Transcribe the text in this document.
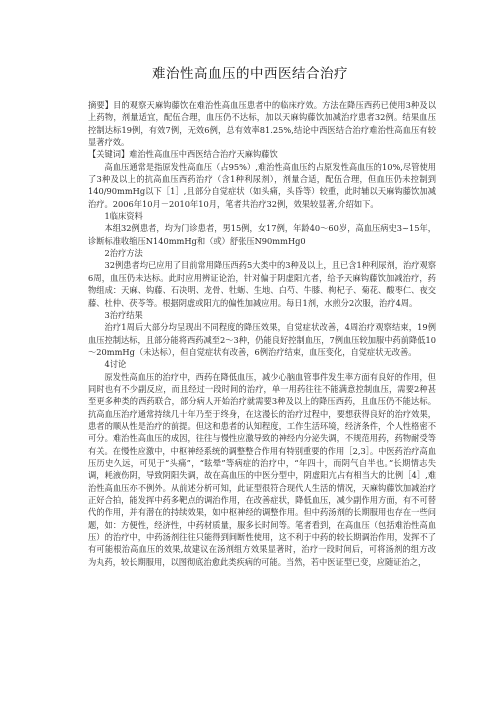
难治性高血压的中西医结合治疗

摘要】目的观察天麻钩藤饮在难治性高血压患者中的临床疗效。方法在降压西药已使用3种及以上药物，剂量适宜，配伍合理，血压仍不达标，加以天麻钩藤饮加减治疗患者32例。结果血压控制达标19例，有效7例，无效6例，总有效率81.25%,结论中西医结合治疗难治性高血压有较显著疗效。

【关键词】难治性高血压中西医结合治疗天麻钩藤饮

高血压通常是指原发性高血压（占95%）,难治性高血压约占原发性高血压的10%,尽管使用了3种及以上的抗高血压西药治疗（含1种利尿剂），剂量合适，配伍合理，但血压仍未控制到140/90mmHg以下［1］,且部分自觉症状（如头痛，头昏等）较重，此时辅以天麻钩藤饮加减治疗。2006年10月－2010年10月，笔者共治疗32例，效果较显著,介绍如下。

1临床资料

本组32例患者，均为门诊患者，男15例，女17例，年龄40～60岁，高血压病史3~15年，诊断标准收缩压N140mmHg和（或）舒张压N90mmHg0

2治疗方法

32例患者均已应用了目前常用降压西药5大类中的3种及以上，且已含1种利尿剂，治疗观察6周，血压仍未达标。此时应用辨证论治，针对偏于阴虚阳亢者，给予天麻钩藤饮加减治疗，药物组成：天麻、钩藤、石决明、龙骨、牡蛎、生地、白芍、牛膝、枸杞子、菊花、酸枣仁、夜交藤、杜仲、茯苓等。根据阴虚或阳亢的偏性加减应用。每日1剂，水煎分2次服，治疗4周。

3治疗结果

治疗1周后大部分均呈现出不同程度的降压效果，自觉症状改善，4周治疗观察结束，19例血压控制达标，且部分能将西药减至2～3种，仍能良好控制血压，7例血压较加服中药前降低10～20mmHg（未达标），但自觉症状有改善，6例治疗结束，血压变化，自觉症状无改善。

4讨论

原发性高血压的治疗中，西药在降低血压，减少心脑血管事件发生率方面有良好的作用，但同时也有不少副反应，而且经过一段时间的治疗，单一用药往往不能满意控制血压，需要2种甚至更多种类的西药联合，部分病人开始治疗就需要3种及以上的降压西药，且血压仍不能达标。抗高血压治疗通常持续几十年乃至于终身，在这漫长的治疗过程中，要想获得良好的治疗效果，患者的顺从性是治疗的前提。但这和患者的认知程度，工作生活环境，经济条件，个人性格密不可分。难治性高血压的成因，往往与慢性应激导致的神经内分泌失调，不规范用药，药物耐受等有关。在慢性应激中，中枢神经系统的调整整合作用有特别重要的作用［2,3］。中医药治疗高血压历史久远，可见于“头痛”，“眩晕”等病症的治疗中，“年四十，而阴气自半也。”长期情志失调，耗液伤阴，导致阴阳失调，故在高血压的中医分型中，阴虚阳亢占有相当大的比例［4］,难治性高血压亦不例外。从前述分析可知，此证型很符合现代人生活的情况，天麻钩藤饮加减治疗正好合拍，能发挥中药多靶点的调治作用，在改善症状，降低血压，减少副作用方面，有不可替代的作用，并有潜在的持续效果，如中枢神经的调整作用。但中药汤剂的长期服用也存在一些问题，如：方便性，经济性，中药材质量，服多长时间等。笔者看到，在高血压（包括难治性高血压）的治疗中，中药汤剂往往只能得到间断性使用，这不利于中药的较长期调治作用，发挥不了有可能根治高血压的效果,故建议在汤剂组方效果显著时，治疗一段时间后，可将汤剂的组方改为丸药，较长期服用，以图彻底治愈此类疾病的可能。当然，若中医证型已变，应随证治之，
